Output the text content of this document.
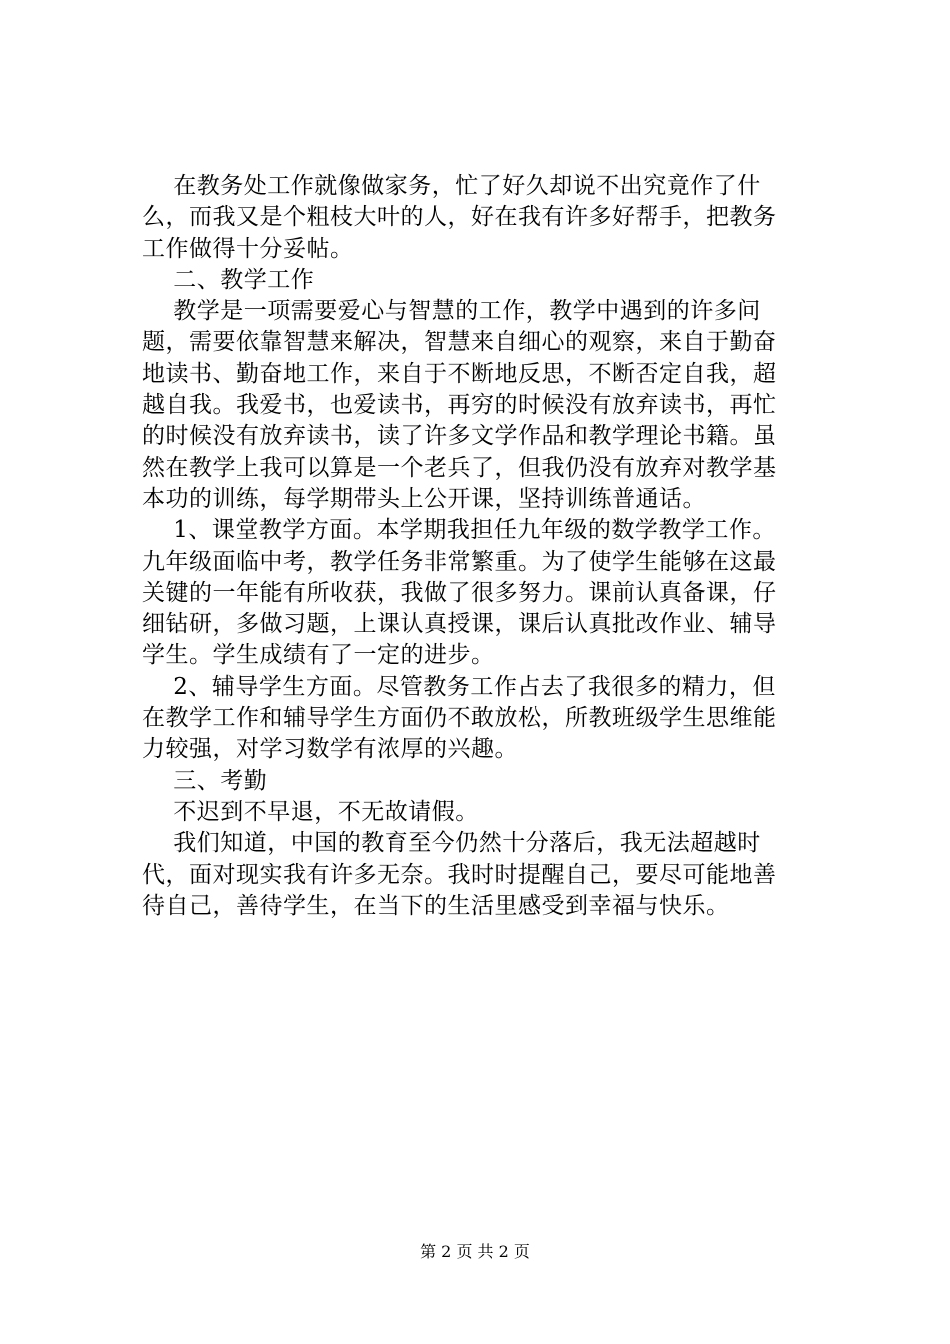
在教务处工作就像做家务，忙了好久却说不出究竟作了什
么，而我又是个粗枝大叶的人，好在我有许多好帮手，把教务
工作做得十分妥帖。
二、教学工作
教学是一项需要爱心与智慧的工作，教学中遇到的许多问
题，需要依靠智慧来解决，智慧来自细心的观察，来自于勤奋
地读书、勤奋地工作，来自于不断地反思，不断否定自我，超
越自我。我爱书，也爱读书，再穷的时候没有放弃读书，再忙
的时候没有放弃读书，读了许多文学作品和教学理论书籍。虽
然在教学上我可以算是一个老兵了，但我仍没有放弃对教学基
本功的训练，每学期带头上公开课，坚持训练普通话。
1、课堂教学方面。本学期我担任九年级的数学教学工作。
九年级面临中考，教学任务非常繁重。为了使学生能够在这最
关键的一年能有所收获，我做了很多努力。课前认真备课，仔
细钻研，多做习题，上课认真授课，课后认真批改作业、辅导
学生。学生成绩有了一定的进步。
2、辅导学生方面。尽管教务工作占去了我很多的精力，但
在教学工作和辅导学生方面仍不敢放松，所教班级学生思维能
力较强，对学习数学有浓厚的兴趣。
三、考勤
不迟到不早退，不无故请假。
我们知道，中国的教育至今仍然十分落后，我无法超越时
代，面对现实我有许多无奈。我时时提醒自己，要尽可能地善
待自己，善待学生，在当下的生活里感受到幸福与快乐。
第 2 页 共 2 页
